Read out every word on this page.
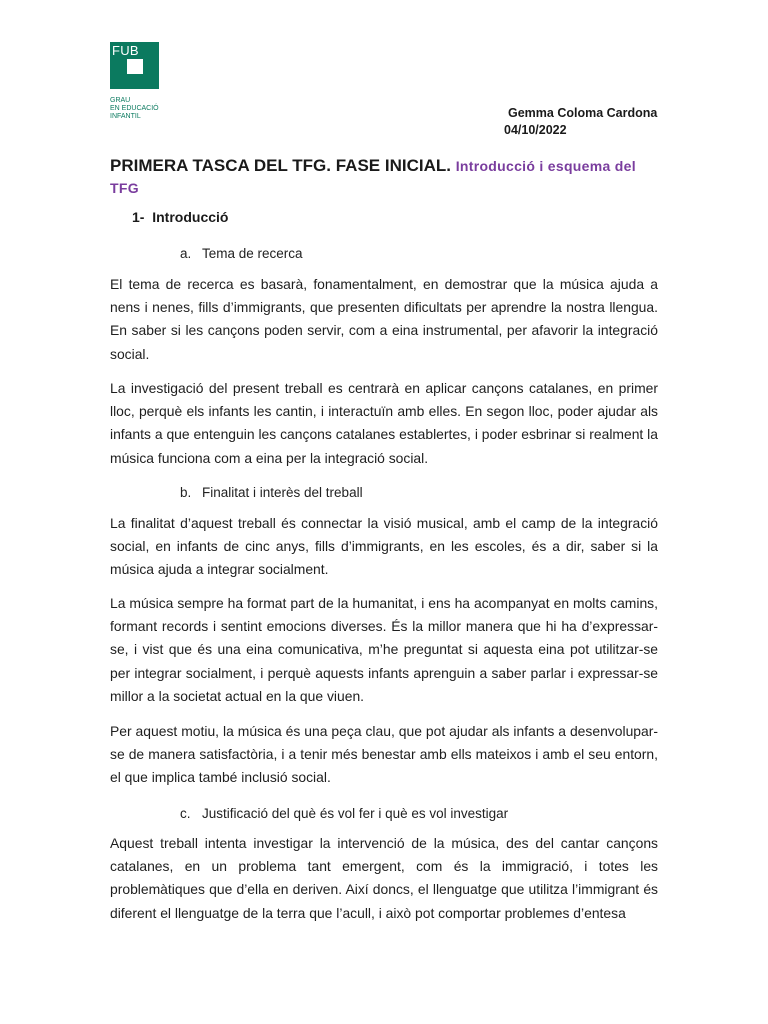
FUB
GRAU
EN EDUCACIÓ
INFANTIL	Gemma Coloma Cardona
04/10/2022
PRIMERA TASCA DEL TFG. FASE INICIAL. Introducció i esquema del TFG
1- Introducció
a. Tema de recerca

El tema de recerca es basarà, fonamentalment, en demostrar que la música ajuda a nens i nenes, fills d’immigrants, que presenten dificultats per aprendre la nostra llengua. En saber si les cançons poden servir, com a eina instrumental, per afavorir la integració social.

La investigació del present treball es centrarà en aplicar cançons catalanes, en primer lloc, perquè els infants les cantin, i interactuïn amb elles. En segon lloc, poder ajudar als infants a que entenguin les cançons catalanes establertes, i poder esbrinar si realment la música funciona com a eina per la integració social.

b. Finalitat i interès del treball

La finalitat d’aquest treball és connectar la visió musical, amb el camp de la integració social, en infants de cinc anys, fills d’immigrants, en les escoles, és a dir, saber si la música ajuda a integrar socialment.

La música sempre ha format part de la humanitat, i ens ha acompanyat en molts camins, formant records i sentint emocions diverses. És la millor manera que hi ha d’expressar-se, i vist que és una eina comunicativa, m’he preguntat si aquesta eina pot utilitzar-se per integrar socialment, i perquè aquests infants aprenguin a saber parlar i expressar-se millor a la societat actual en la que viuen.

Per aquest motiu, la música és una peça clau, que pot ajudar als infants a desenvolupar-se de manera satisfactòria, i a tenir més benestar amb ells mateixos i amb el seu entorn, el que implica també inclusió social.

c. Justificació del què és vol fer i què es vol investigar

Aquest treball intenta investigar la intervenció de la música, des del cantar cançons catalanes, en un problema tant emergent, com és la immigració, i totes les problemàtiques que d’ella en deriven. Així doncs, el llenguatge que utilitza l’immigrant és diferent el llenguatge de la terra que l’acull, i això pot comportar problemes d’entesa
